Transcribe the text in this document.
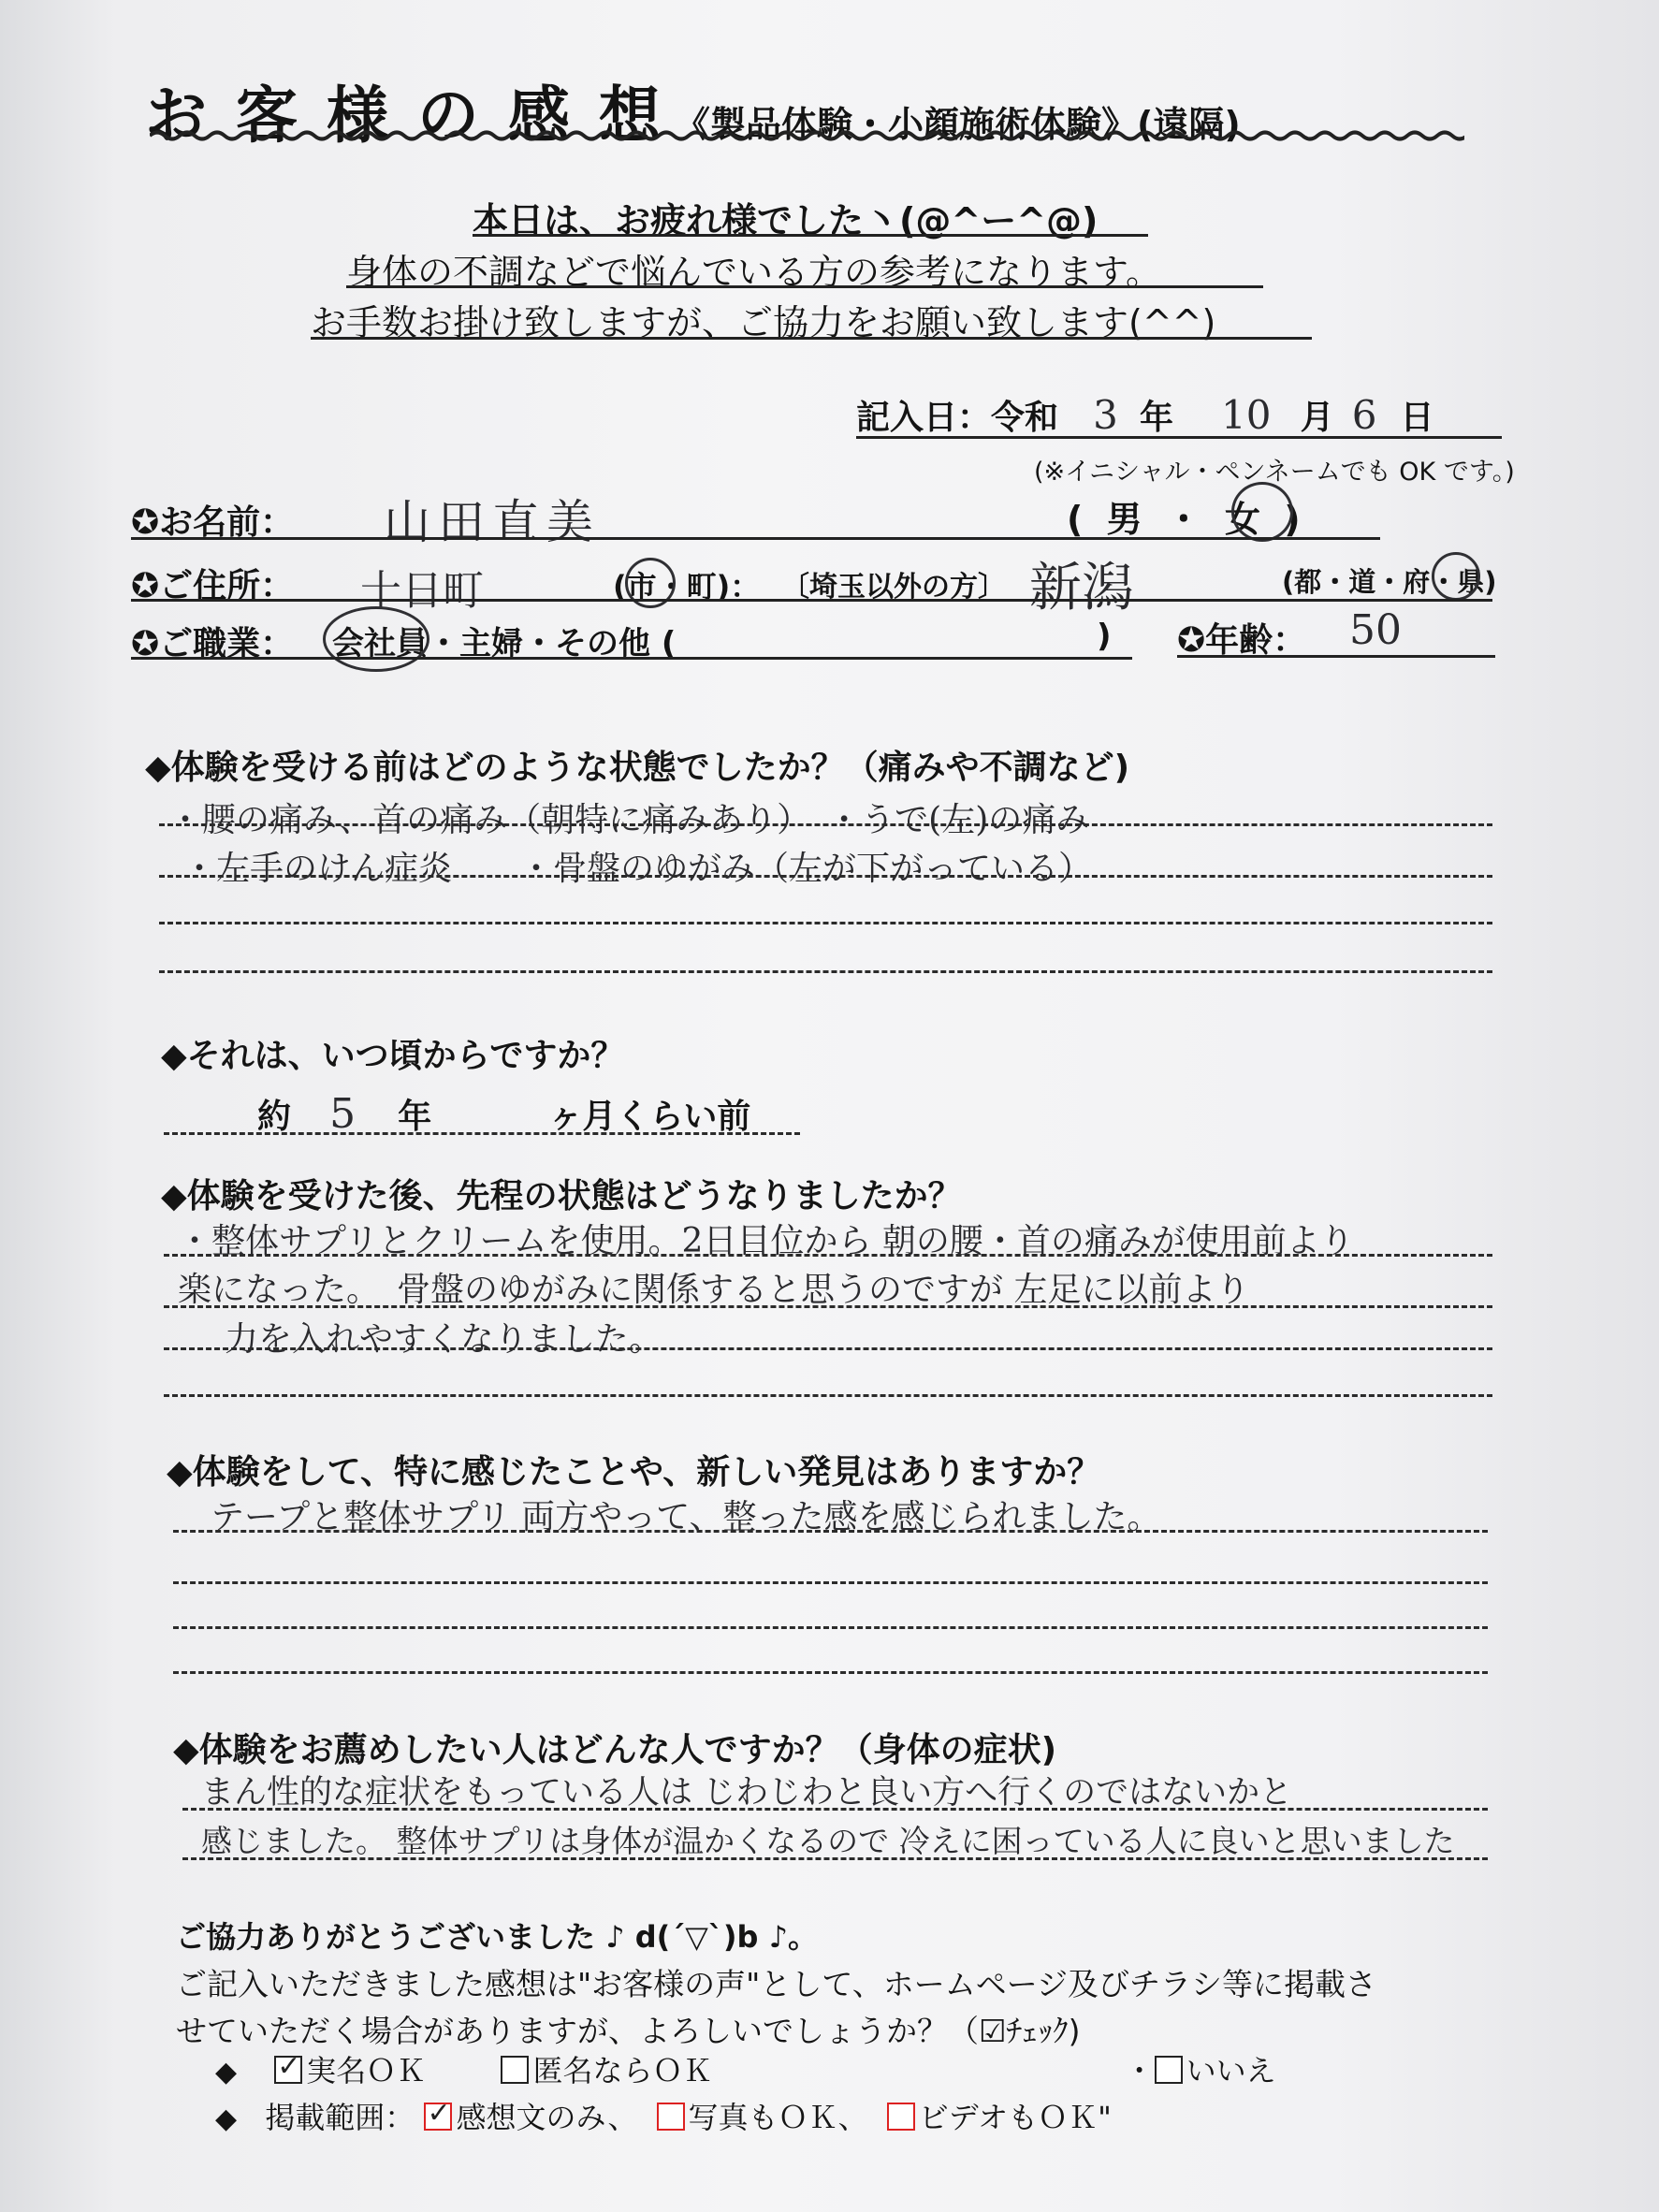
お 客 様 の 感 想 《製品体験・小顔施術体験》(遠隔)
本日は、お疲れ様でした丶(@^ー^@)
身体の不調などで悩んでいる方の参考になります。
お手数お掛け致しますが、ご協力をお願い致します(^^)
記入日：令和 3 年 10 月 6 日
(※イニシャル・ペンネームでも OK です。)
✪お名前： 山田直美	( 男 ・ 女 )
✪ご住所： 十日町	(市・町)： 〔埼玉以外の方〕 新潟	(都・道・府・県)
✪ご職業： 会社員・主婦・その他 (	) ✪年齢： 50
◆体験を受ける前はどのような状態でしたか？（痛みや不調など)
・腰の痛み、首の痛み（朝特に痛みあり）　・うで(左)の痛み
・左手のけん症炎　　・骨盤のゆがみ（左が下がっている）
◆それは、いつ頃からですか？
約 5 年	ヶ月くらい前
◆体験を受けた後、先程の状態はどうなりましたか？
・整体サプリとクリームを使用。2日目位から 朝の腰・首の痛みが使用前より
楽になった。　骨盤のゆがみに関係すると思うのですが 左足に以前より
力を入れやすくなりました。
◆体験をして、特に感じたことや、新しい発見はありますか？
テープと整体サプリ 両方やって、整った感を感じられました。
◆体験をお薦めしたい人はどんな人ですか？（身体の症状)
まん性的な症状をもっている人は じわじわと良い方へ行くのではないかと
感じました。 整体サプリは身体が温かくなるので 冷えに困っている人に良いと思いました
ご協力ありがとうございました ♪ d(´▽`)b ♪。
ご記入いただきました感想は"お客様の声"として、ホームページ及びチラシ等に掲載さ
せていただく場合がありますが、よろしいでしょうか？（☑ﾁｪｯｸ)
◆ ✓ 実名ＯＫ	匿名ならＯＫ	・ いいえ
◆ 掲載範囲： ✓ 感想文のみ、 写真もＯＫ、 ビデオもＯＫ"
